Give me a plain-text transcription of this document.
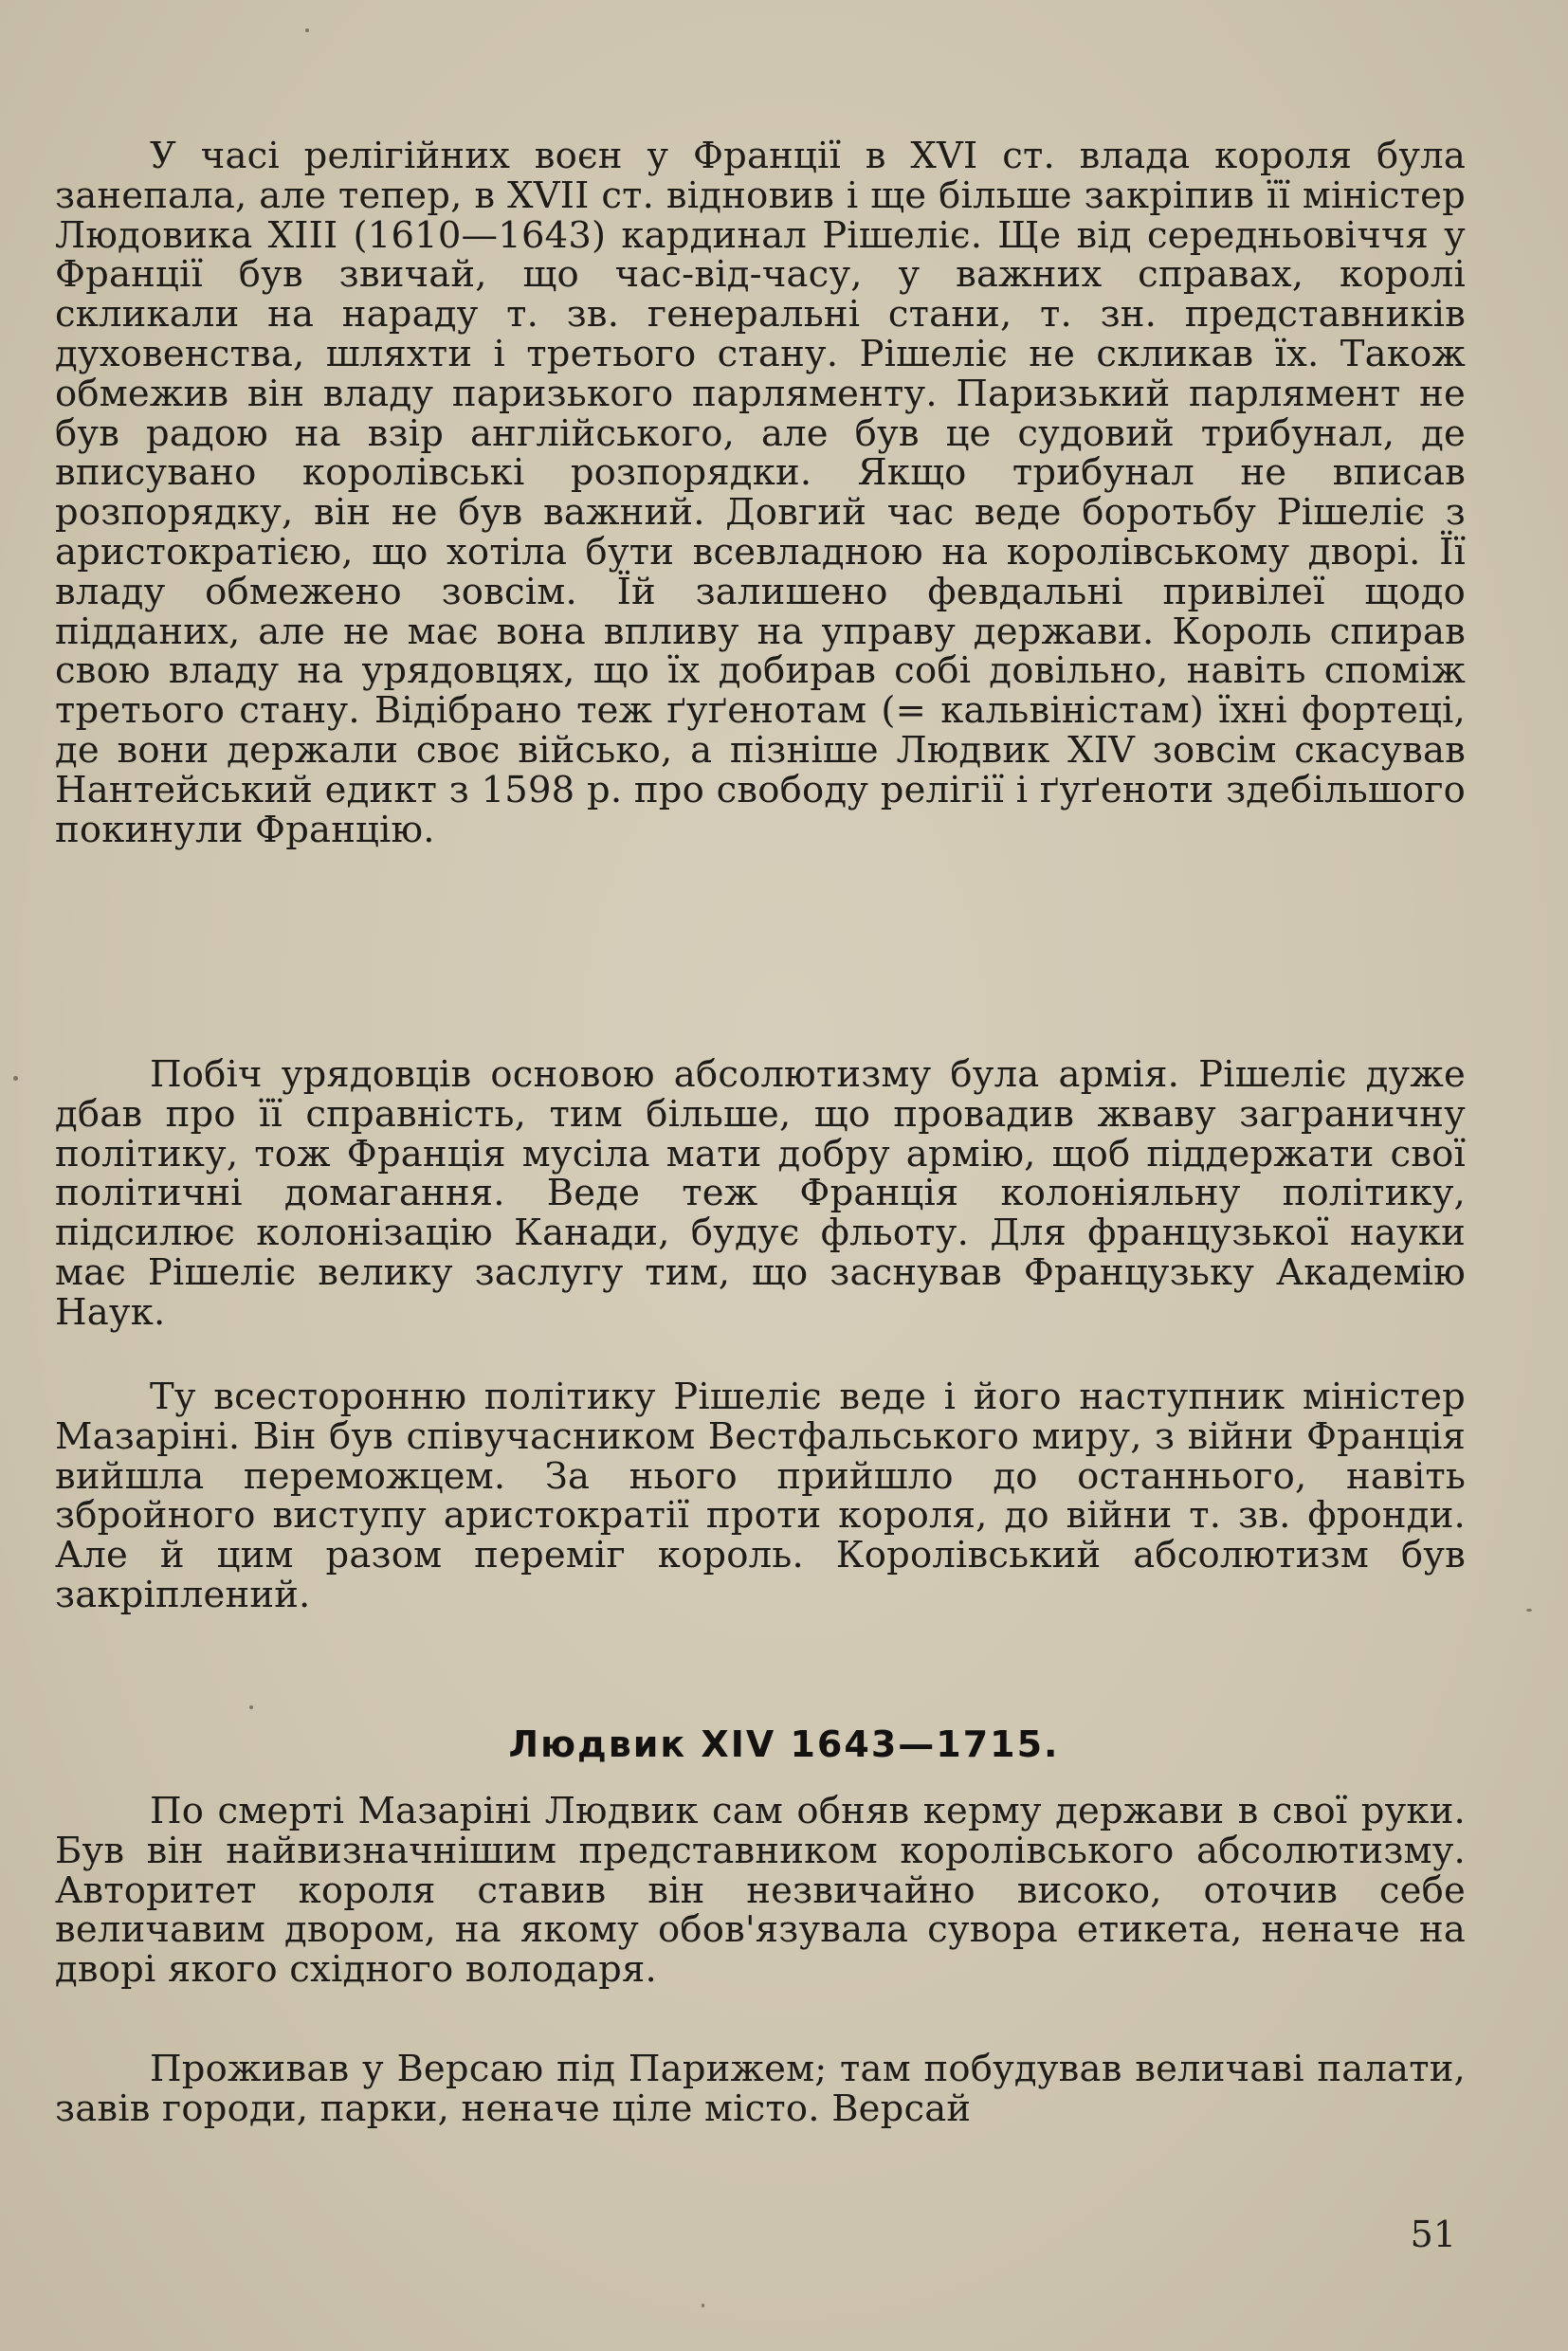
У часі релігійних воєн у Франції в XVI ст. влада короля була занепала, але тепер, в XVII ст. відновив і ще більше закріпив її міністер Людовика XIII (1610—1643) кардинал Рішеліє. Ще від середньовіччя у Франції був звичай, що час-від-часу, у важних справах, королі скликали на нараду т. зв. генеральні стани, т. зн. представників духовенства, шляхти і третього стану. Рішеліє не скликав їх. Також обмежив він владу паризького парляменту. Паризький парлямент не був радою на взір англійського, але був це судовий трибунал, де вписувано королівські розпорядки. Якщо трибунал не вписав розпорядку, він не був важний. Довгий час веде боротьбу Рішеліє з аристократією, що хотіла бути всевладною на королівському дворі. Її владу обмежено зовсім. Їй залишено февдальні привілеї щодо підданих, але не має вона впливу на управу держави. Король спирав свою владу на урядовцях, що їх добирав собі довільно, навіть споміж третього стану. Відібрано теж ґуґенотам (= кальвіністам) їхні фортеці, де вони держали своє військо, а пізніше Людвик XIV зовсім скасував Нантейський едикт з 1598 р. про свободу релігії і ґуґеноти здебільшого покинули Францію.

Побіч урядовців основою абсолютизму була армія. Рішеліє дуже дбав про її справність, тим більше, що провадив жваву заграничну політику, тож Франція мусіла мати добру армію, щоб піддержати свої політичні домагання. Веде теж Франція колоніяльну політику, підсилює колонізацію Канади, будує фльоту. Для французької науки має Рішеліє велику заслугу тим, що заснував Французьку Академію Наук.

Ту всесторонню політику Рішеліє веде і його наступник міністер Мазаріні. Він був співучасником Вестфальського миру, з війни Франція вийшла переможцем. За нього прийшло до останнього, навіть збройного виступу аристократії проти короля, до війни т. зв. фронди. Але й цим разом переміг король. Королівський абсолютизм був закріплений.

Людвик XIV 1643—1715.

По смерті Мазаріні Людвик сам обняв керму держави в свої руки. Був він найвизначнішим представником королівського абсолютизму. Авторитет короля ставив він незвичайно високо, отoчив себе величавим двором, на якому обов'язувала сувора етикета, неначе на дворі якого східного володаря.

Проживав у Версаю під Парижем; там побудував величаві палати, завів городи, парки, неначе ціле місто. Версай

51
